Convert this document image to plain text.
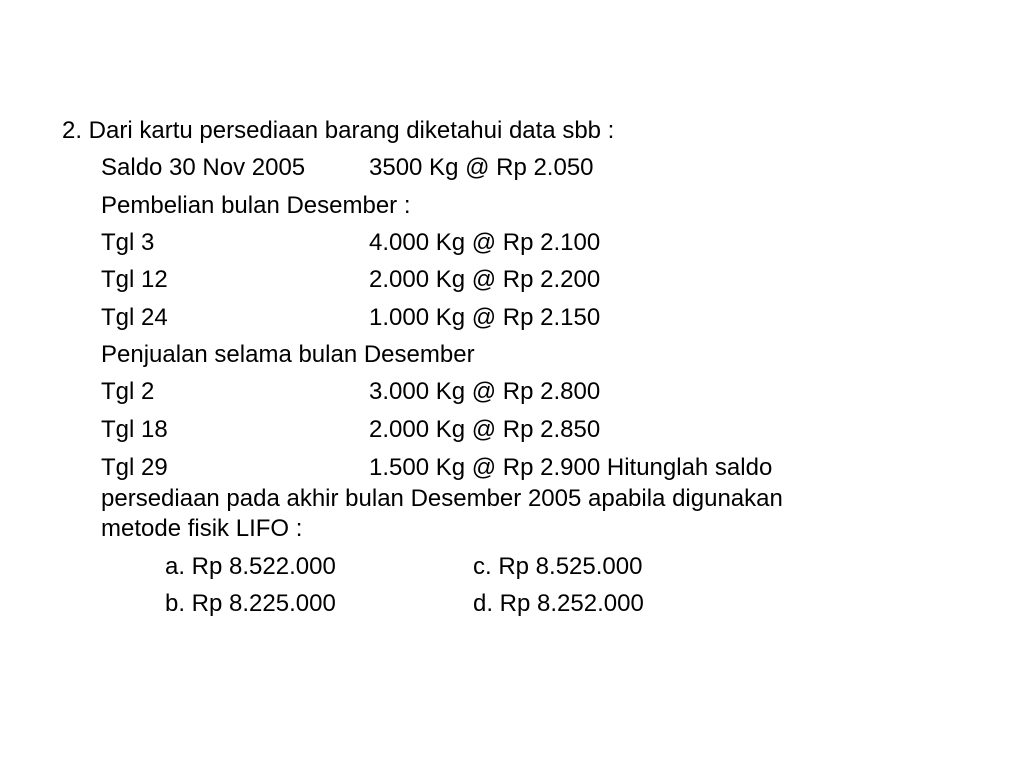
2. Dari kartu persediaan barang diketahui data sbb :
Saldo 30 Nov 2005	3500 Kg @ Rp 2.050
Pembelian bulan Desember :
Tgl 3	4.000 Kg @ Rp 2.100
Tgl 12	2.000 Kg @ Rp 2.200
Tgl 24	1.000 Kg @ Rp 2.150
Penjualan selama bulan Desember
Tgl 2	3.000 Kg @ Rp 2.800
Tgl 18	2.000 Kg @ Rp 2.850
Tgl 29	1.500 Kg @ Rp 2.900 Hitunglah saldo
persediaan pada akhir bulan Desember 2005 apabila digunakan
metode fisik LIFO :
a. Rp 8.522.000	c. Rp 8.525.000
b. Rp 8.225.000	d. Rp 8.252.000
